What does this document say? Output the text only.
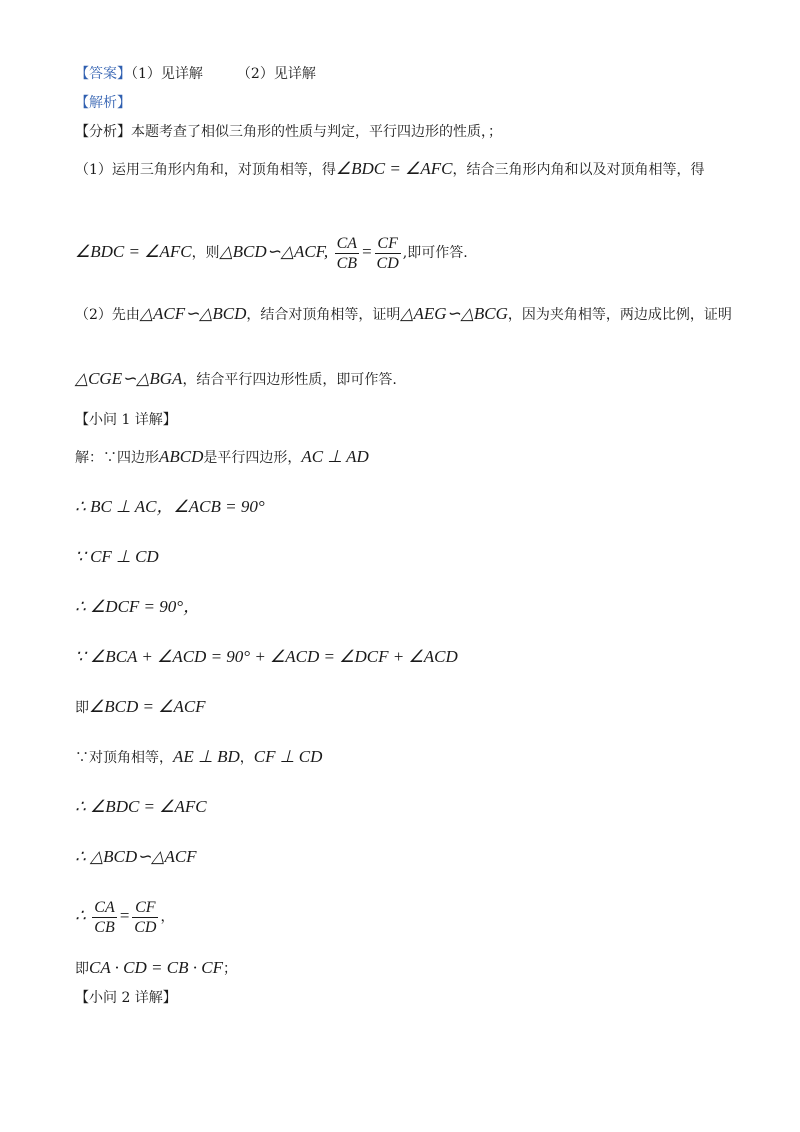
【答案】（1）见详解 （2）见详解
【解析】
【分析】本题考查了相似三角形的性质与判定，平行四边形的性质，；
（1）运用三角形内角和，对顶角相等，得∠BDC = ∠AFC，结合三角形内角和以及对顶角相等，得
∠BDC = ∠AFC，则△BCD∽△ACF, $\frac{CA}{CB} = \frac{CF}{CD}$ ,即可作答.
（2）先由△ACF∽△BCD，结合对顶角相等，证明△AEG∽△BCG，因为夹角相等，两边成比例，证明
△CGE∽△BGA，结合平行四边形性质，即可作答.
【小问 1 详解】
解：∵四边形ABCD是平行四边形，AC ⊥ AD
∴ BC ⊥ AC，∠ACB = 90°
∵ CF ⊥ CD
∴ ∠DCF = 90°，
∵ ∠BCA + ∠ACD = 90° + ∠ACD = ∠DCF + ∠ACD
即∠BCD = ∠ACF
∵对顶角相等，AE ⊥ BD，CF ⊥ CD
∴ ∠BDC = ∠AFC
∴ △BCD∽△ACF
∴ $\frac{CA}{CB} = \frac{CF}{CD}$ ，
即CA · CD = CB · CF；
【小问 2 详解】
